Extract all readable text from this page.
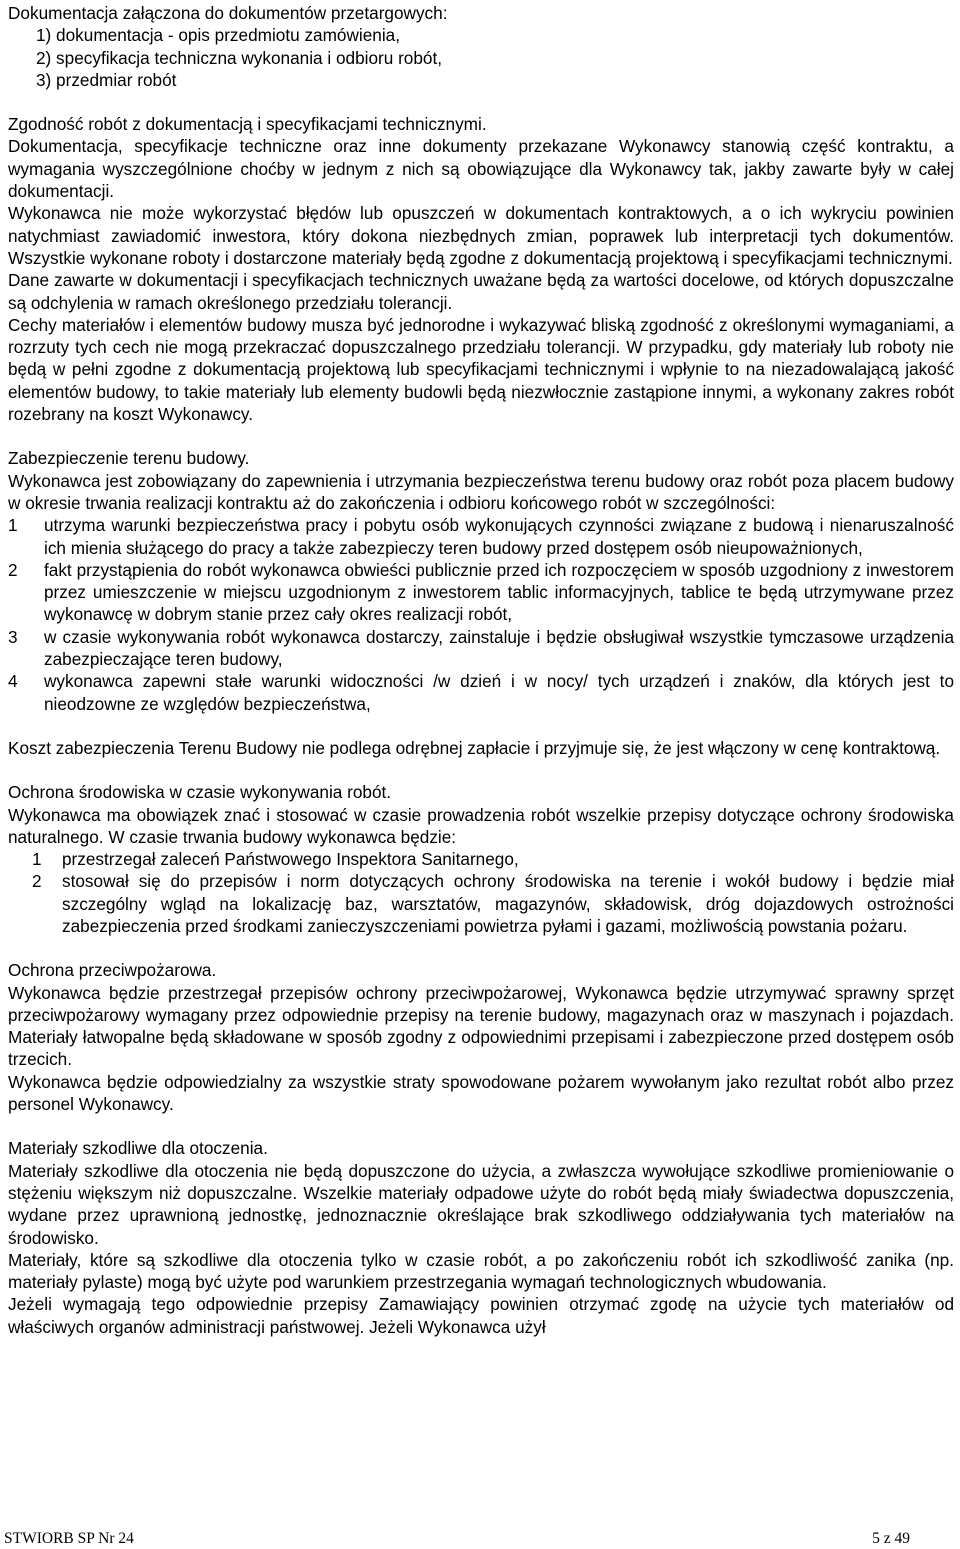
Dokumentacja załączona do dokumentów przetargowych:
1) dokumentacja - opis przedmiotu zamówienia,
2) specyfikacja techniczna wykonania i odbioru robót,
3) przedmiar robót
Zgodność robót z dokumentacją i specyfikacjami technicznymi.

Dokumentacja, specyfikacje techniczne oraz inne dokumenty przekazane Wykonawcy stanowią część kontraktu, a wymagania wyszczególnione choćby w jednym z nich są obowiązujące dla Wykonawcy tak, jakby zawarte były w całej dokumentacji.

Wykonawca nie może wykorzystać błędów lub opuszczeń w dokumentach kontraktowych, a o ich wykryciu powinien natychmiast zawiadomić inwestora, który dokona niezbędnych zmian, poprawek lub interpretacji tych dokumentów. Wszystkie wykonane roboty i dostarczone materiały będą zgodne z dokumentacją projektową i specyfikacjami technicznymi.

Dane zawarte w dokumentacji i specyfikacjach technicznych uważane będą za wartości docelowe, od których dopuszczalne są odchylenia w ramach określonego przedziału tolerancji.

Cechy materiałów i elementów budowy musza być jednorodne i wykazywać bliską zgodność z określonymi wymaganiami, a rozrzuty tych cech nie mogą przekraczać dopuszczalnego przedziału tolerancji. W przypadku, gdy materiały lub roboty nie będą w pełni zgodne z dokumentacją projektową lub specyfikacjami technicznymi i wpłynie to na niezadowalającą jakość elementów budowy, to takie materiały lub elementy budowli będą niezwłocznie zastąpione innymi, a wykonany zakres robót rozebrany na koszt Wykonawcy.

Zabezpieczenie terenu budowy.

Wykonawca jest zobowiązany do zapewnienia i utrzymania bezpieczeństwa terenu budowy oraz robót poza placem budowy w okresie trwania realizacji kontraktu aż do zakończenia i odbioru końcowego robót w szczególności:

1 utrzyma warunki bezpieczeństwa pracy i pobytu osób wykonujących czynności związane z budową i nienaruszalność ich mienia służącego do pracy a także zabezpieczy teren budowy przed dostępem osób nieupoważnionych,
2 fakt przystąpienia do robót wykonawca obwieści publicznie przed ich rozpoczęciem w sposób uzgodniony z inwestorem przez umieszczenie w miejscu uzgodnionym z inwestorem tablic informacyjnych, tablice te będą utrzymywane przez wykonawcę w dobrym stanie przez cały okres realizacji robót,
3 w czasie wykonywania robót wykonawca dostarczy, zainstaluje i będzie obsługiwał wszystkie tymczasowe urządzenia zabezpieczające teren budowy,
4 wykonawca zapewni stałe warunki widoczności /w dzień i w nocy/ tych urządzeń i znaków, dla których jest to nieodzowne ze względów bezpieczeństwa,

Koszt zabezpieczenia Terenu Budowy nie podlega odrębnej zapłacie i przyjmuje się, że jest włączony w cenę kontraktową.

Ochrona środowiska w czasie wykonywania robót.

Wykonawca ma obowiązek znać i stosować w czasie prowadzenia robót wszelkie przepisy dotyczące ochrony środowiska naturalnego. W czasie trwania budowy wykonawca będzie:

1 przestrzegał zaleceń Państwowego Inspektora Sanitarnego,
2 stosował się do przepisów i norm dotyczących ochrony środowiska na terenie i wokół budowy i będzie miał szczególny wgląd na lokalizację baz, warsztatów, magazynów, składowisk, dróg dojazdowych ostrożności zabezpieczenia przed środkami zanieczyszczeniami powietrza pyłami i gazami, możliwością powstania pożaru.
Ochrona przeciwpożarowa.

Wykonawca będzie przestrzegał przepisów ochrony przeciwpożarowej, Wykonawca będzie utrzymywać sprawny sprzęt przeciwpożarowy wymagany przez odpowiednie przepisy na terenie budowy, magazynach oraz w maszynach i pojazdach. Materiały łatwopalne będą składowane w sposób zgodny z odpowiednimi przepisami i zabezpieczone przed dostępem osób trzecich.

Wykonawca będzie odpowiedzialny za wszystkie straty spowodowane pożarem wywołanym jako rezultat robót albo przez personel Wykonawcy.

Materiały szkodliwe dla otoczenia.

Materiały szkodliwe dla otoczenia nie będą dopuszczone do użycia, a zwłaszcza wywołujące szkodliwe promieniowanie o stężeniu większym niż dopuszczalne. Wszelkie materiały odpadowe użyte do robót będą miały świadectwa dopuszczenia, wydane przez uprawnioną jednostkę, jednoznacznie określające brak szkodliwego oddziaływania tych materiałów na środowisko.

Materiały, które są szkodliwe dla otoczenia tylko w czasie robót, a po zakończeniu robót ich szkodliwość zanika (np. materiały pylaste) mogą być użyte pod warunkiem przestrzegania wymagań technologicznych wbudowania.

Jeżeli wymagają tego odpowiednie przepisy Zamawiający powinien otrzymać zgodę na użycie tych materiałów od właściwych organów administracji państwowej. Jeżeli Wykonawca użył

STWIORB SP Nr 24	5 z 49
